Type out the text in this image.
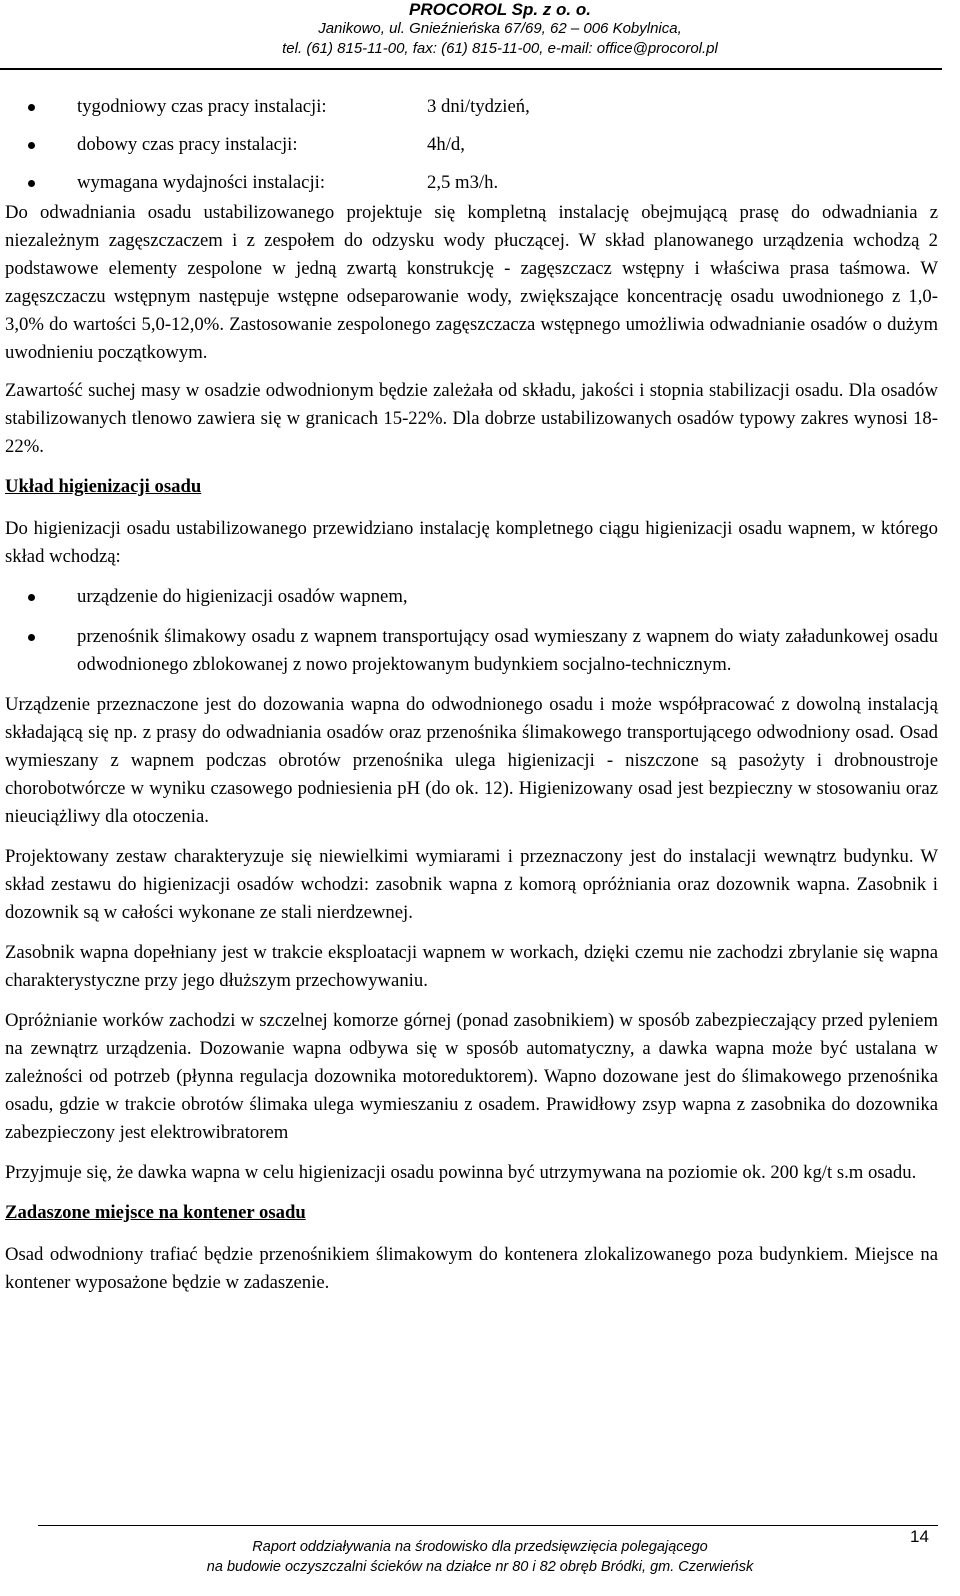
PROCOROL Sp. z o. o.
Janikowo, ul. Gnieźnieńska 67/69, 62 – 006 Kobylnica,
tel. (61) 815-11-00, fax: (61) 815-11-00, e-mail: office@procorol.pl
tygodniowy czas pracy instalacji:	3 dni/tydzień,
dobowy czas pracy instalacji:	4h/d,
wymagana wydajności instalacji:	2,5 m3/h.

Do odwadniania osadu ustabilizowanego projektuje się kompletną instalację obejmującą prasę do odwadniania z niezależnym zagęszczaczem i z zespołem do odzysku wody płuczącej. W skład planowanego urządzenia wchodzą 2 podstawowe elementy zespolone w jedną zwartą konstrukcję - zagęszczacz wstępny i właściwa prasa taśmowa. W zagęszczaczu wstępnym następuje wstępne odseparowanie wody, zwiększające koncentrację osadu uwodnionego z 1,0-3,0% do wartości 5,0-12,0%. Zastosowanie zespolonego zagęszczacza wstępnego umożliwia odwadnianie osadów o dużym uwodnieniu początkowym.

Zawartość suchej masy w osadzie odwodnionym będzie zależała od składu, jakości i stopnia stabilizacji osadu. Dla osadów stabilizowanych tlenowo zawiera się w granicach 15-22%. Dla dobrze ustabilizowanych osadów typowy zakres wynosi 18-22%.

Układ higienizacji osadu

Do higienizacji osadu ustabilizowanego przewidziano instalację kompletnego ciągu higienizacji osadu wapnem, w którego skład wchodzą:

urządzenie do higienizacji osadów wapnem,
przenośnik ślimakowy osadu z wapnem transportujący osad wymieszany z wapnem do wiaty załadunkowej osadu odwodnionego zblokowanej z nowo projektowanym budynkiem socjalno-technicznym.

Urządzenie przeznaczone jest do dozowania wapna do odwodnionego osadu i może współpracować z dowolną instalacją składającą się np. z prasy do odwadniania osadów oraz przenośnika ślimakowego transportującego odwodniony osad. Osad wymieszany z wapnem podczas obrotów przenośnika ulega higienizacji - niszczone są pasożyty i drobnoustroje chorobotwórcze w wyniku czasowego podniesienia pH (do ok. 12). Higienizowany osad jest bezpieczny w stosowaniu oraz nieuciążliwy dla otoczenia.

Projektowany zestaw charakteryzuje się niewielkimi wymiarami i przeznaczony jest do instalacji wewnątrz budynku. W skład zestawu do higienizacji osadów wchodzi: zasobnik wapna z komorą opróżniania oraz dozownik wapna. Zasobnik i dozownik są w całości wykonane ze stali nierdzewnej.

Zasobnik wapna dopełniany jest w trakcie eksploatacji wapnem w workach, dzięki czemu nie zachodzi zbrylanie się wapna charakterystyczne przy jego dłuższym przechowywaniu.

Opróżnianie worków zachodzi w szczelnej komorze górnej (ponad zasobnikiem) w sposób zabezpieczający przed pyleniem na zewnątrz urządzenia. Dozowanie wapna odbywa się w sposób automatyczny, a dawka wapna może być ustalana w zależności od potrzeb (płynna regulacja dozownika motoreduktorem). Wapno dozowane jest do ślimakowego przenośnika osadu, gdzie w trakcie obrotów ślimaka ulega wymieszaniu z osadem. Prawidłowy zsyp wapna z zasobnika do dozownika zabezpieczony jest elektrowibratorem

Przyjmuje się, że dawka wapna w celu higienizacji osadu powinna być utrzymywana na poziomie ok. 200 kg/t s.m osadu.

Zadaszone miejsce na kontener osadu

Osad odwodniony trafiać będzie przenośnikiem ślimakowym do kontenera zlokalizowanego poza budynkiem. Miejsce na kontener wyposażone będzie w zadaszenie.

Raport oddziaływania na środowisko dla przedsięwzięcia polegającego
na budowie oczyszczalni ścieków na działce nr 80 i 82 obręb Bródki, gm. Czerwieńsk
14
